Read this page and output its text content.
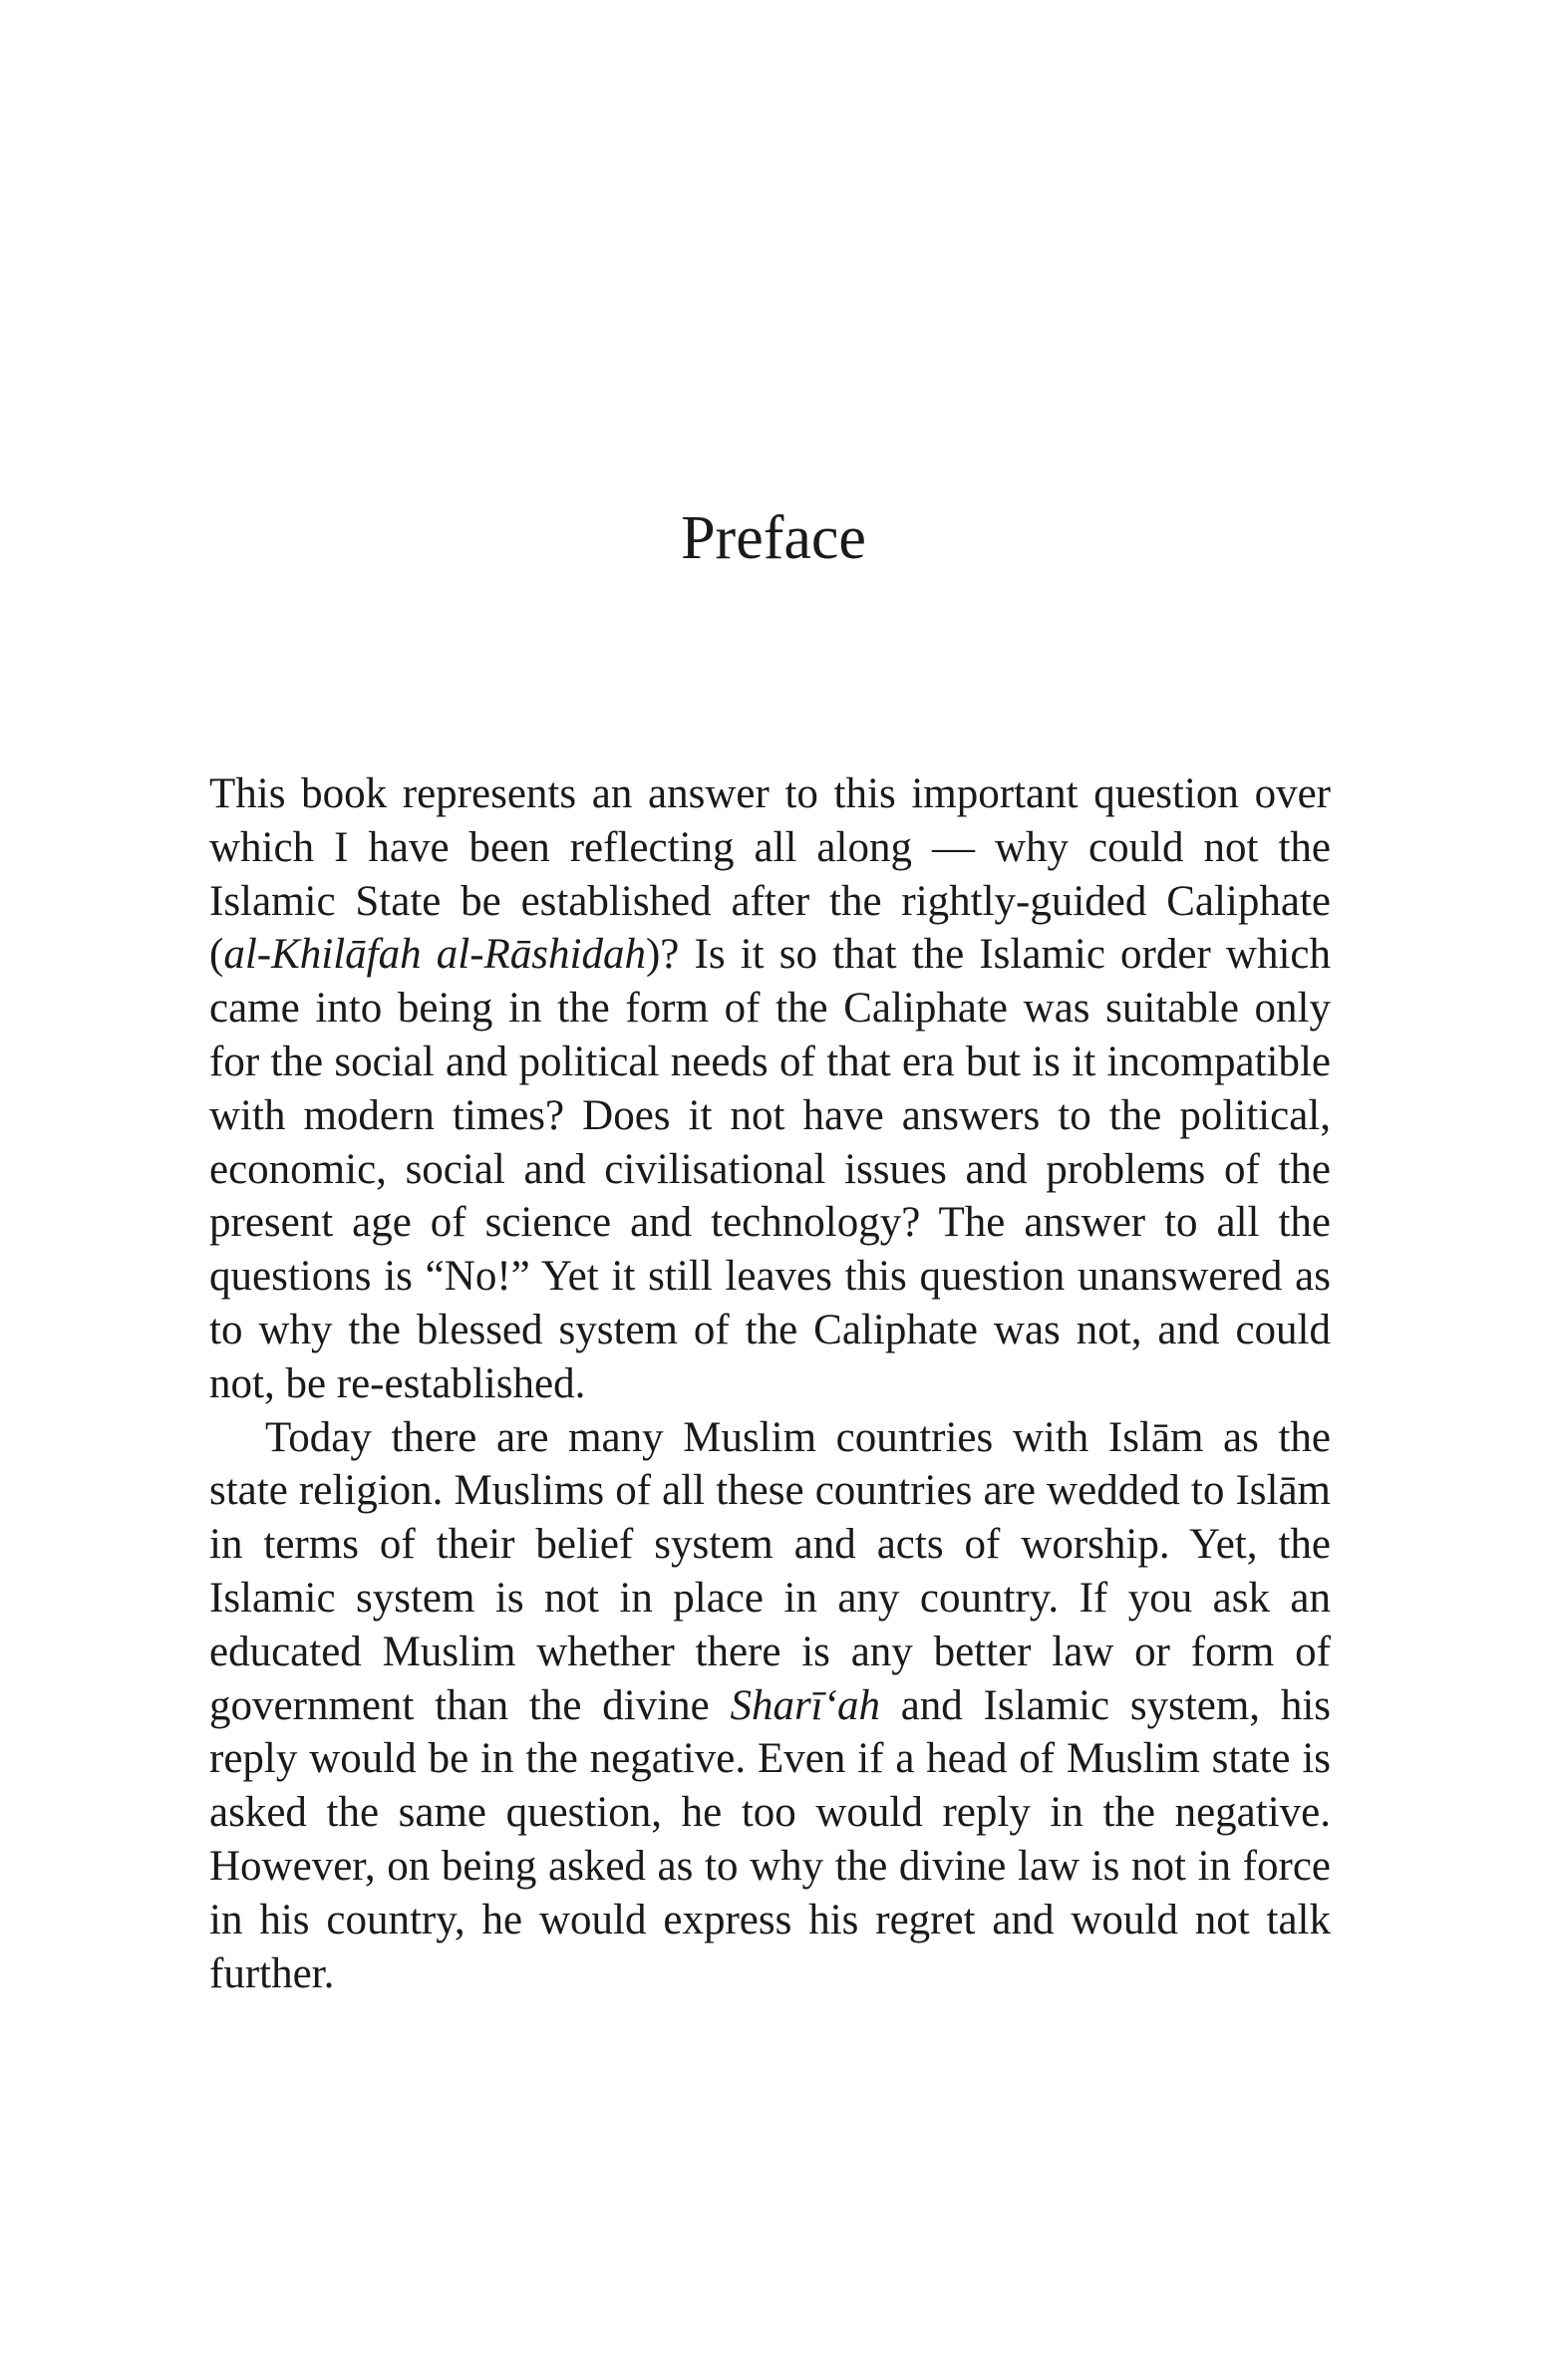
Preface

This book represents an answer to this important question over which I have been reflecting all along — why could not the Islamic State be established after the rightly-guided Caliphate (al-Khilāfah al-Rāshidah)? Is it so that the Islamic order which came into being in the form of the Caliphate was suitable only for the social and political needs of that era but is it incompatible with modern times? Does it not have answers to the political, economic, social and civilisational issues and problems of the present age of science and technology? The answer to all the questions is “No!” Yet it still leaves this question unanswered as to why the blessed system of the Caliphate was not, and could not, be re-established.

Today there are many Muslim countries with Islām as the state religion. Muslims of all these countries are wedded to Islām in terms of their belief system and acts of worship. Yet, the Islamic system is not in place in any country. If you ask an educated Muslim whether there is any better law or form of government than the divine Sharī‘ah and Islamic system, his reply would be in the negative. Even if a head of Muslim state is asked the same question, he too would reply in the negative. However, on being asked as to why the divine law is not in force in his country, he would express his regret and would not talk further.
